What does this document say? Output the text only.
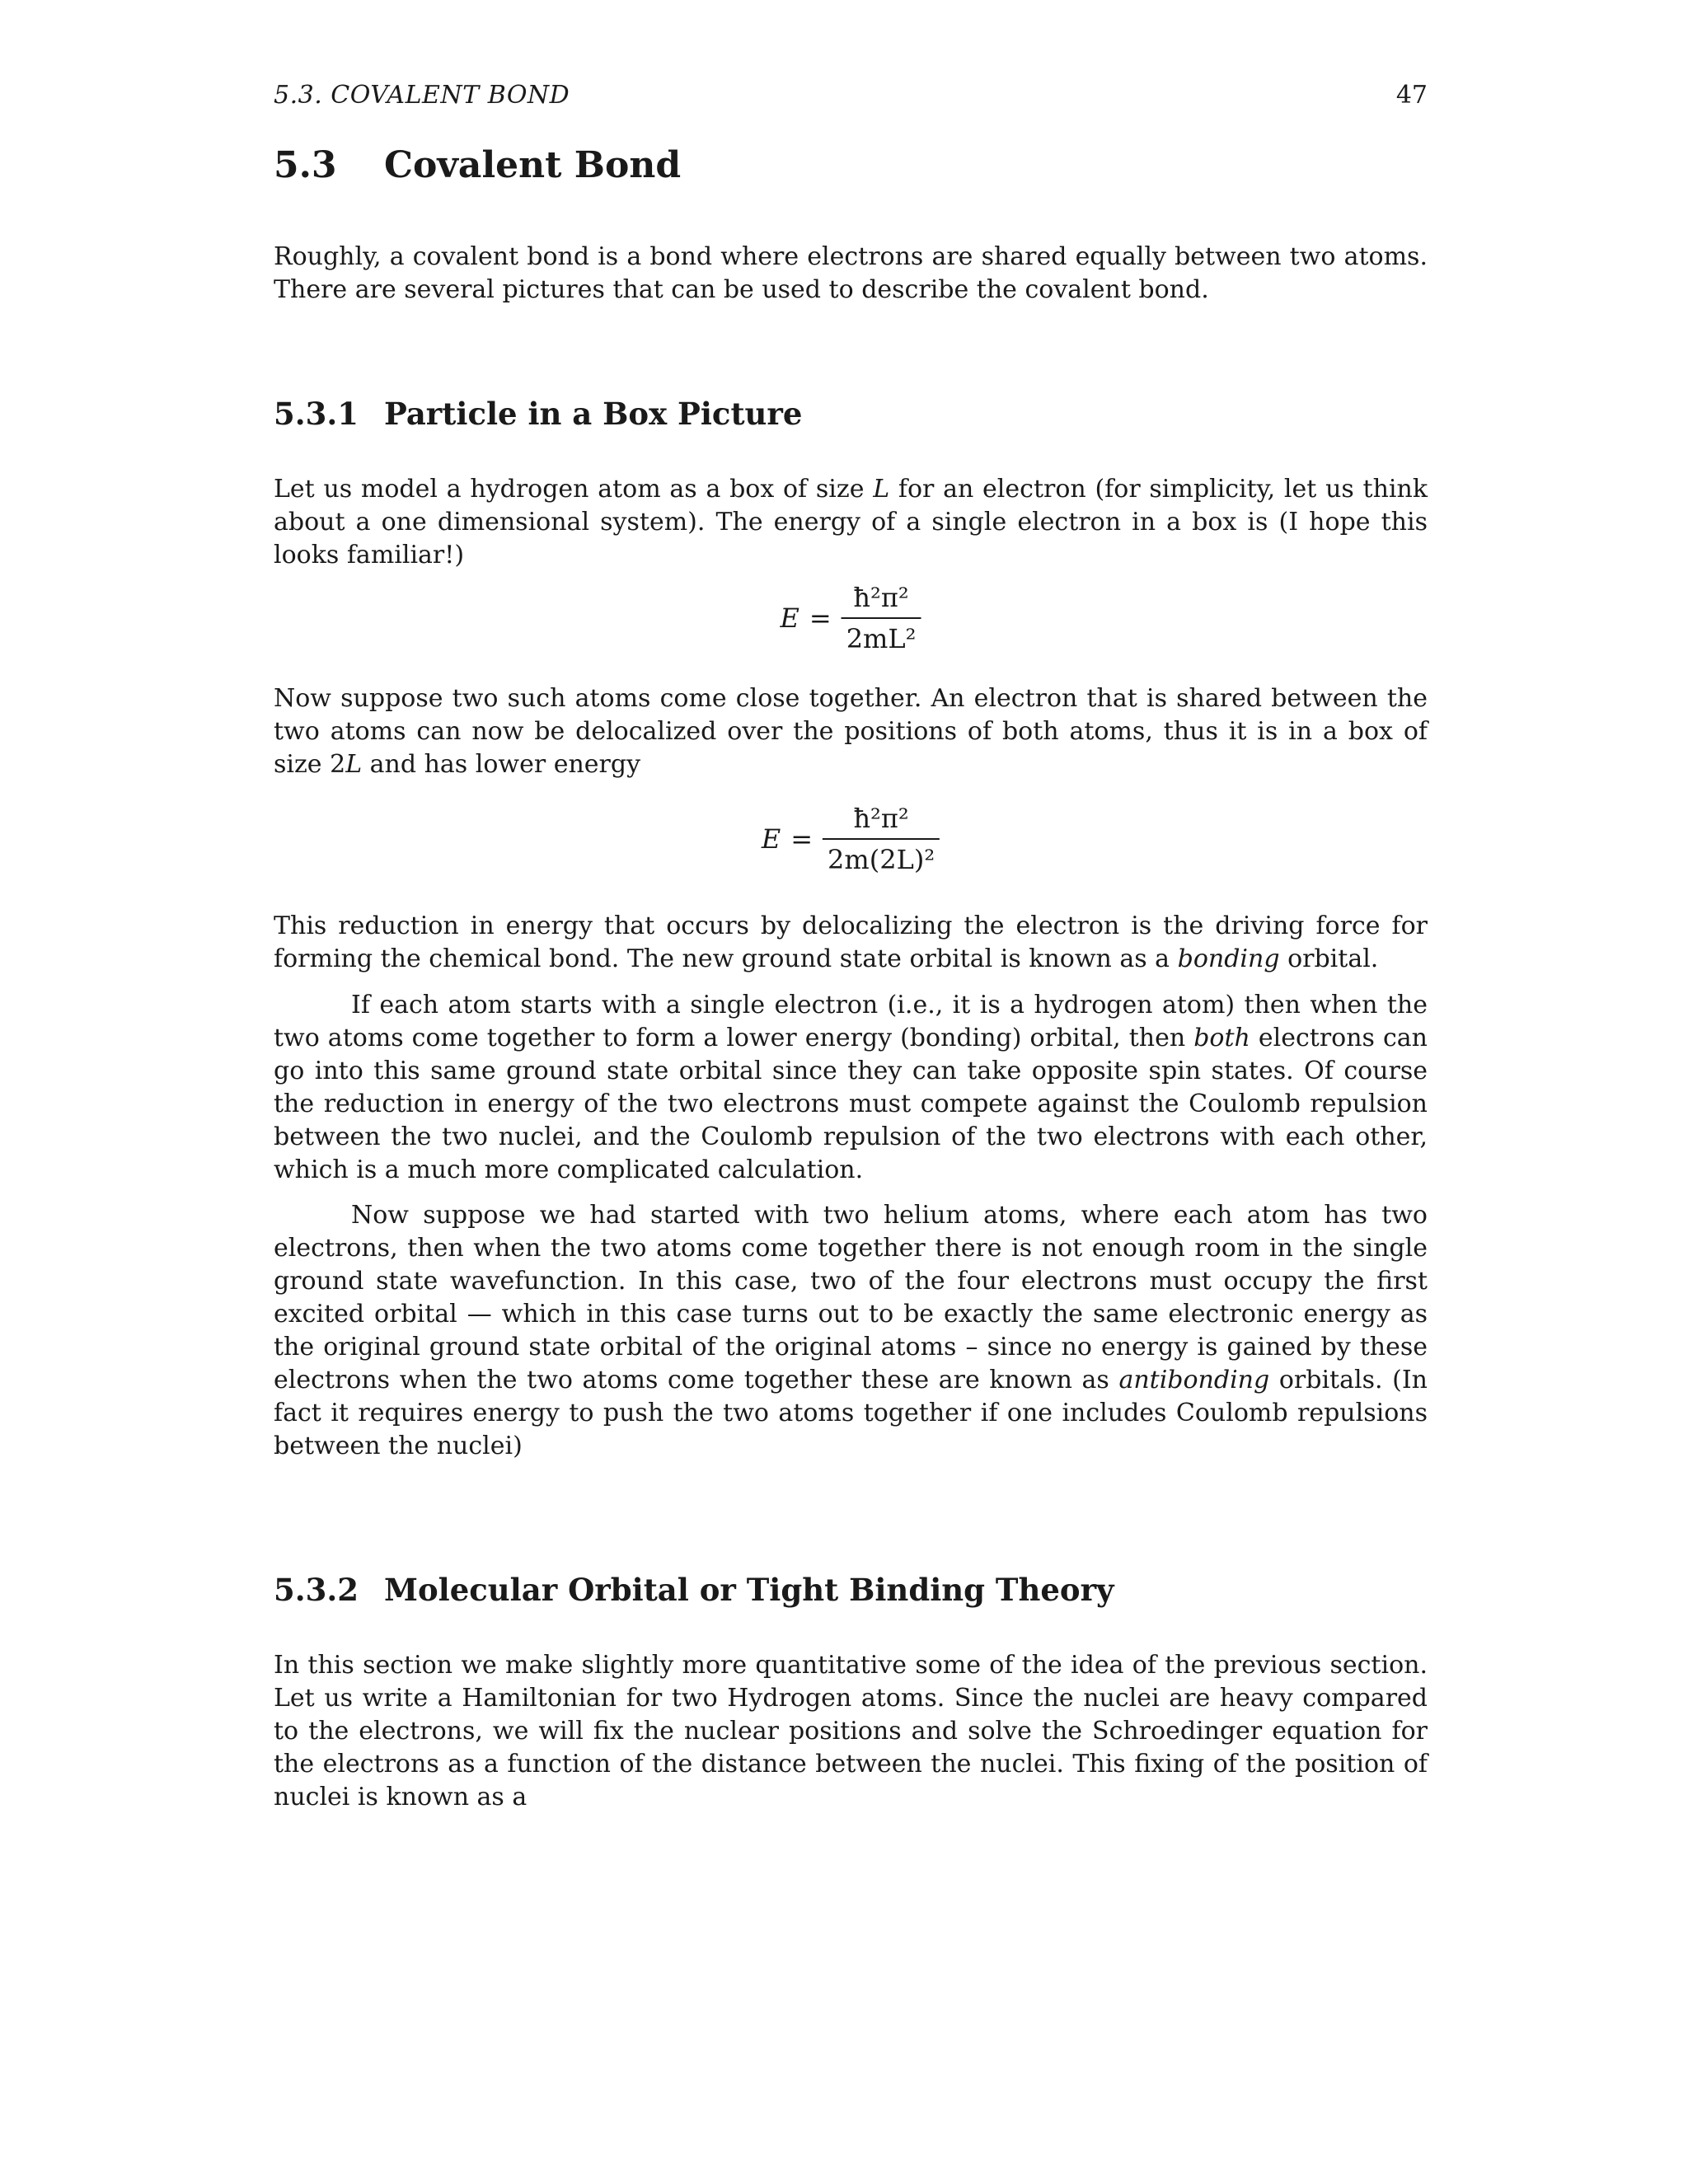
5.3. COVALENT BOND	47
5.3 Covalent Bond

Roughly, a covalent bond is a bond where electrons are shared equally between two atoms. There are several pictures that can be used to describe the covalent bond.

5.3.1 Particle in a Box Picture

Let us model a hydrogen atom as a box of size L for an electron (for simplicity, let us think about a one dimensional system). The energy of a single electron in a box is (I hope this looks familiar!)

$E = \frac{\text{ħ²π²}}{\text{2mL²}}$

Now suppose two such atoms come close together. An electron that is shared between the two atoms can now be delocalized over the positions of both atoms, thus it is in a box of size 2L and has lower energy

$E = \frac{\text{ħ²π²}}{\text{2m(2L)²}}$

This reduction in energy that occurs by delocalizing the electron is the driving force for forming the chemical bond. The new ground state orbital is known as a bonding orbital.

If each atom starts with a single electron (i.e., it is a hydrogen atom) then when the two atoms come together to form a lower energy (bonding) orbital, then both electrons can go into this same ground state orbital since they can take opposite spin states. Of course the reduction in energy of the two electrons must compete against the Coulomb repulsion between the two nuclei, and the Coulomb repulsion of the two electrons with each other, which is a much more complicated calculation.

Now suppose we had started with two helium atoms, where each atom has two electrons, then when the two atoms come together there is not enough room in the single ground state wavefunction. In this case, two of the four electrons must occupy the first excited orbital — which in this case turns out to be exactly the same electronic energy as the original ground state orbital of the original atoms – since no energy is gained by these electrons when the two atoms come together these are known as antibonding orbitals. (In fact it requires energy to push the two atoms together if one includes Coulomb repulsions between the nuclei)

5.3.2 Molecular Orbital or Tight Binding Theory

In this section we make slightly more quantitative some of the idea of the previous section. Let us write a Hamiltonian for two Hydrogen atoms. Since the nuclei are heavy compared to the electrons, we will fix the nuclear positions and solve the Schroedinger equation for the electrons as a function of the distance between the nuclei. This fixing of the position of nuclei is known as a
